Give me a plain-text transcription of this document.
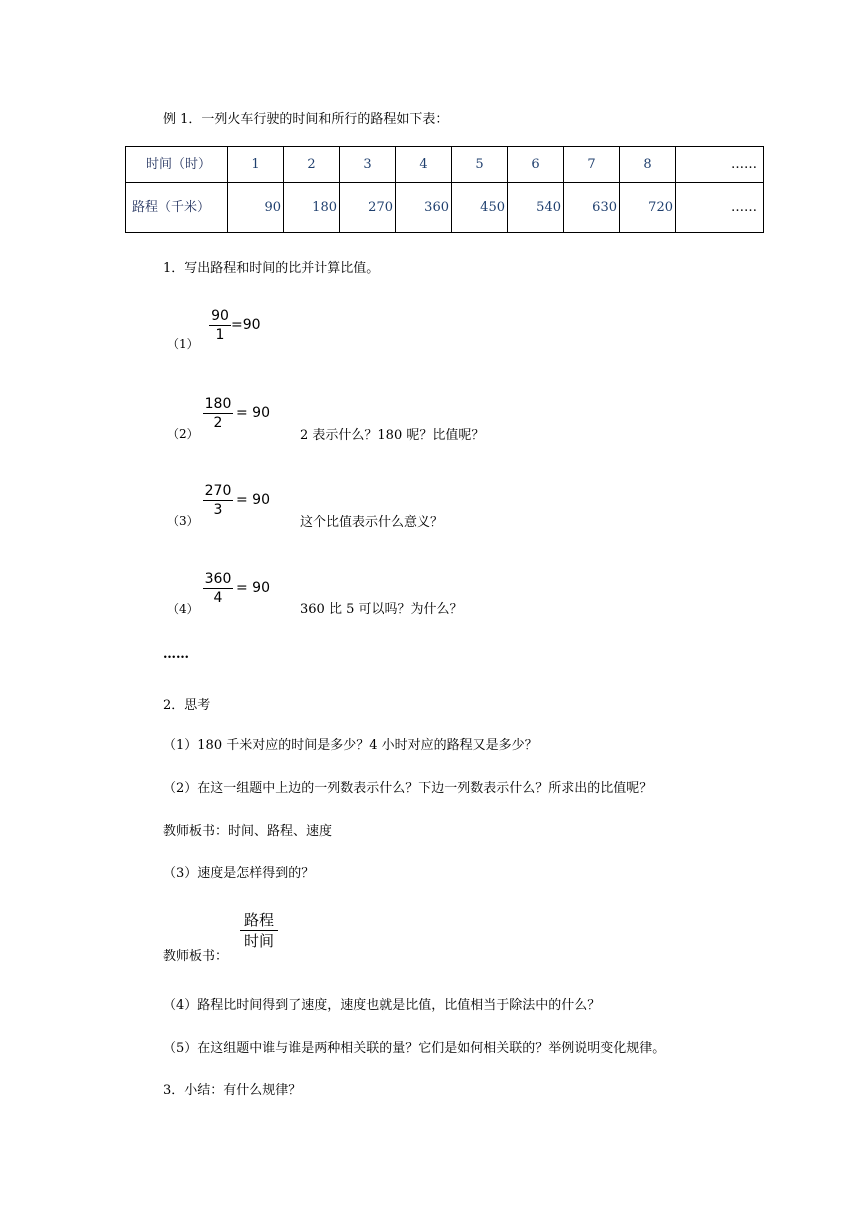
例 1．一列火车行驶的时间和所行的路程如下表：
时间（时）	1	2	3	4	5	6	7	8	……
路程（千米）	90	180	270	360	450	540	630	720	……
1．写出路程和时间的比并计算比值。
（1）
90
1
=90
（2）
180
2
= 90
2 表示什么？180 呢？比值呢？
（3）
270
3
= 90
这个比值表示什么意义？
（4）
360
4
= 90
360 比 5 可以吗？为什么？
……
2．思考
（1）180 千米对应的时间是多少？4 小时对应的路程又是多少？
（2）在这一组题中上边的一列数表示什么？下边一列数表示什么？所求出的比值呢？
教师板书：时间、路程、速度
（3）速度是怎样得到的？
教师板书：
路程
时间
（4）路程比时间得到了速度，速度也就是比值，比值相当于除法中的什么？
（5）在这组题中谁与谁是两种相关联的量？它们是如何相关联的？举例说明变化规律。
3．小结：有什么规律？
